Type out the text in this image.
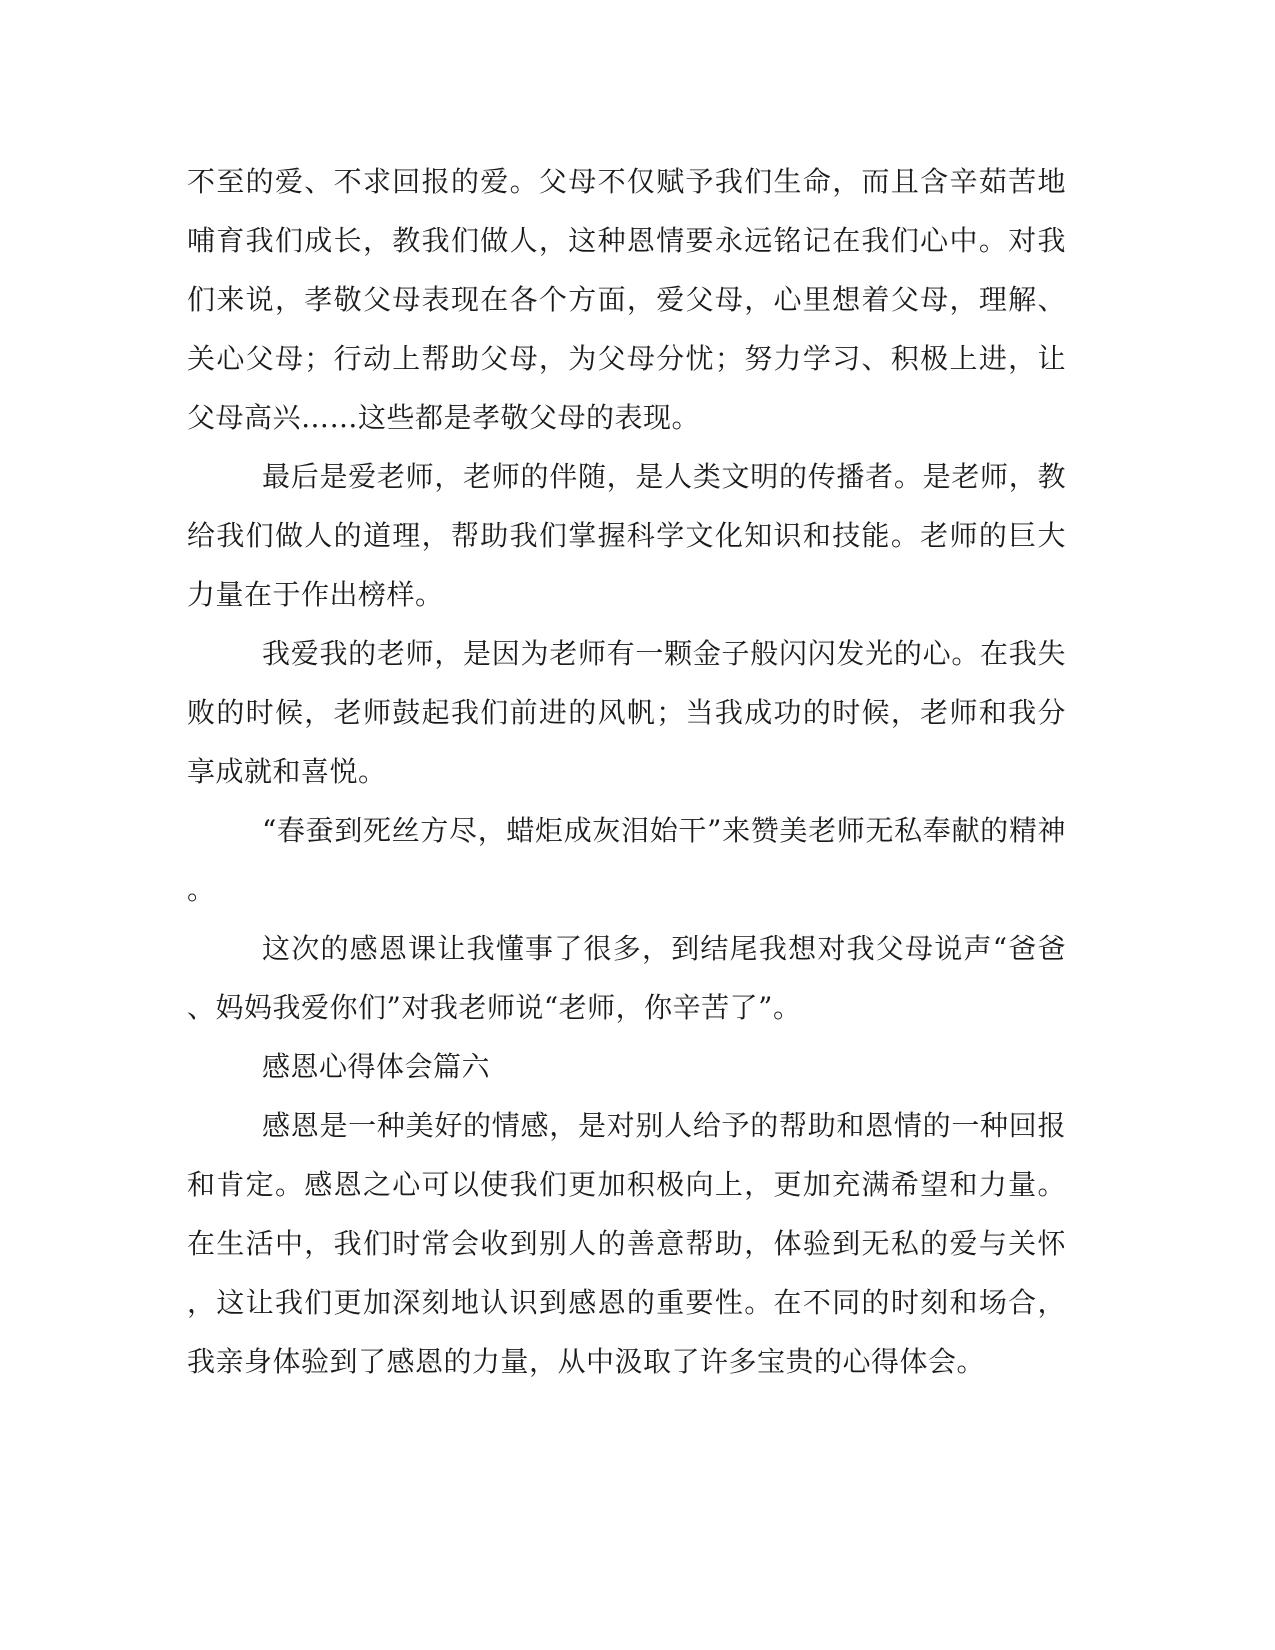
不至的爱、不求回报的爱。父母不仅赋予我们生命，而且含辛茹苦地

哺育我们成长，教我们做人，这种恩情要永远铭记在我们心中。对我

们来说，孝敬父母表现在各个方面，爱父母，心里想着父母，理解、

关心父母；行动上帮助父母，为父母分忧；努力学习、积极上进，让

父母高兴……这些都是孝敬父母的表现。

最后是爱老师，老师的伴随，是人类文明的传播者。是老师，教

给我们做人的道理，帮助我们掌握科学文化知识和技能。老师的巨大

力量在于作出榜样。

我爱我的老师，是因为老师有一颗金子般闪闪发光的心。在我失

败的时候，老师鼓起我们前进的风帆；当我成功的时候，老师和我分

享成就和喜悦。

“春蚕到死丝方尽，蜡炬成灰泪始干”来赞美老师无私奉献的精神

。

这次的感恩课让我懂事了很多，到结尾我想对我父母说声“爸爸

、妈妈我爱你们”对我老师说“老师，你辛苦了”。

感恩心得体会篇六

感恩是一种美好的情感，是对别人给予的帮助和恩情的一种回报

和肯定。感恩之心可以使我们更加积极向上，更加充满希望和力量。

在生活中，我们时常会收到别人的善意帮助，体验到无私的爱与关怀

，这让我们更加深刻地认识到感恩的重要性。在不同的时刻和场合，

我亲身体验到了感恩的力量，从中汲取了许多宝贵的心得体会。
